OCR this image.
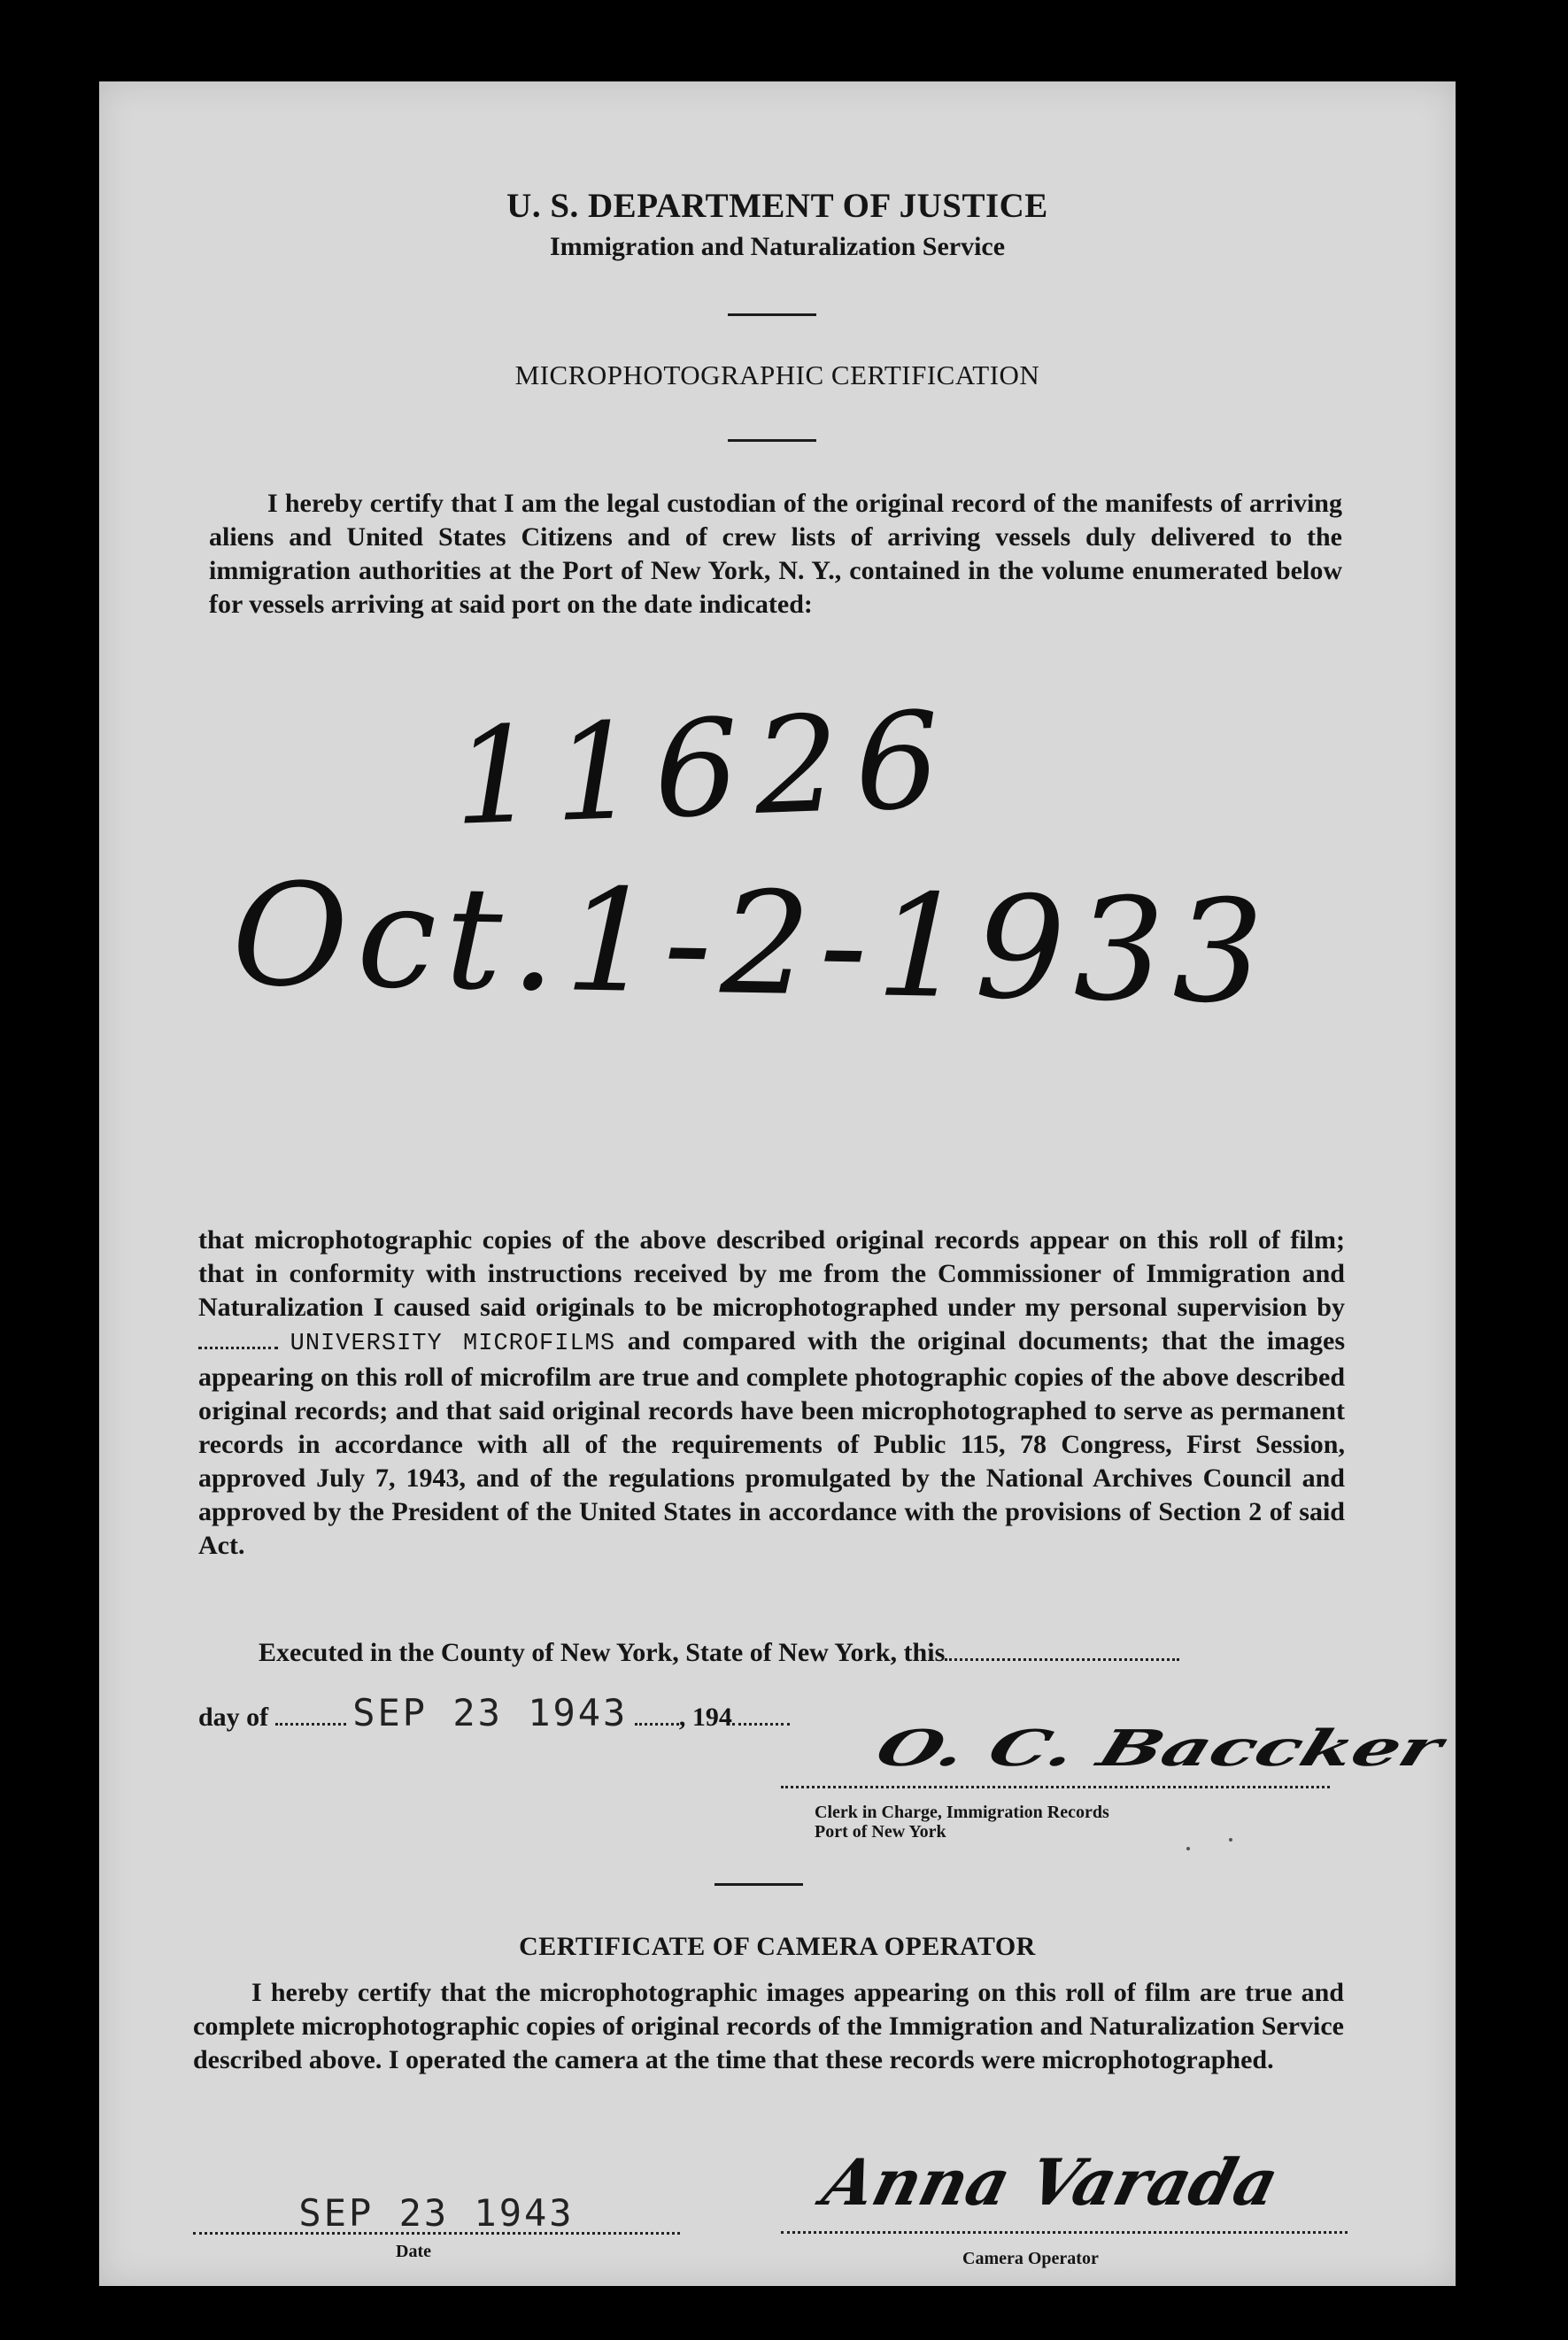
U. S. DEPARTMENT OF JUSTICE
Immigration and Naturalization Service
MICROPHOTOGRAPHIC CERTIFICATION
I hereby certify that I am the legal custodian of the original record of the manifests of arriving aliens and United States Citizens and of crew lists of arriving vessels duly delivered to the immigration authorities at the Port of New York, N. Y., contained in the volume enumerated below for vessels arriving at said port on the date indicated:
11626
Oct.1-2-1933
that microphotographic copies of the above described original records appear on this roll of film; that in conformity with instructions received by me from the Commissioner of Immigration and Naturalization I caused said originals to be microphotographed under my personal supervision by  UNIVERSITY MICROFILMS and compared with the original documents; that the images appearing on this roll of microfilm are true and complete photographic copies of the above described original records; and that said original records have been microphotographed to serve as permanent records in accordance with all of the requirements of Public 115, 78 Congress, First Session, approved July 7, 1943, and of the regulations promulgated by the National Archives Council and approved by the President of the United States in accordance with the provisions of Section 2 of said Act.
Executed in the County of New York, State of New York, this
day of SEP 23 1943 , 194
O. C. Baccker
Clerk in Charge, Immigration Records
Port of New York
CERTIFICATE OF CAMERA OPERATOR
I hereby certify that the microphotographic images appearing on this roll of film are true and complete microphotographic copies of original records of the Immigration and Naturalization Service described above. I operated the camera at the time that these records were microphotographed.
SEP 23 1943
Date
Anna Varada
Camera Operator
